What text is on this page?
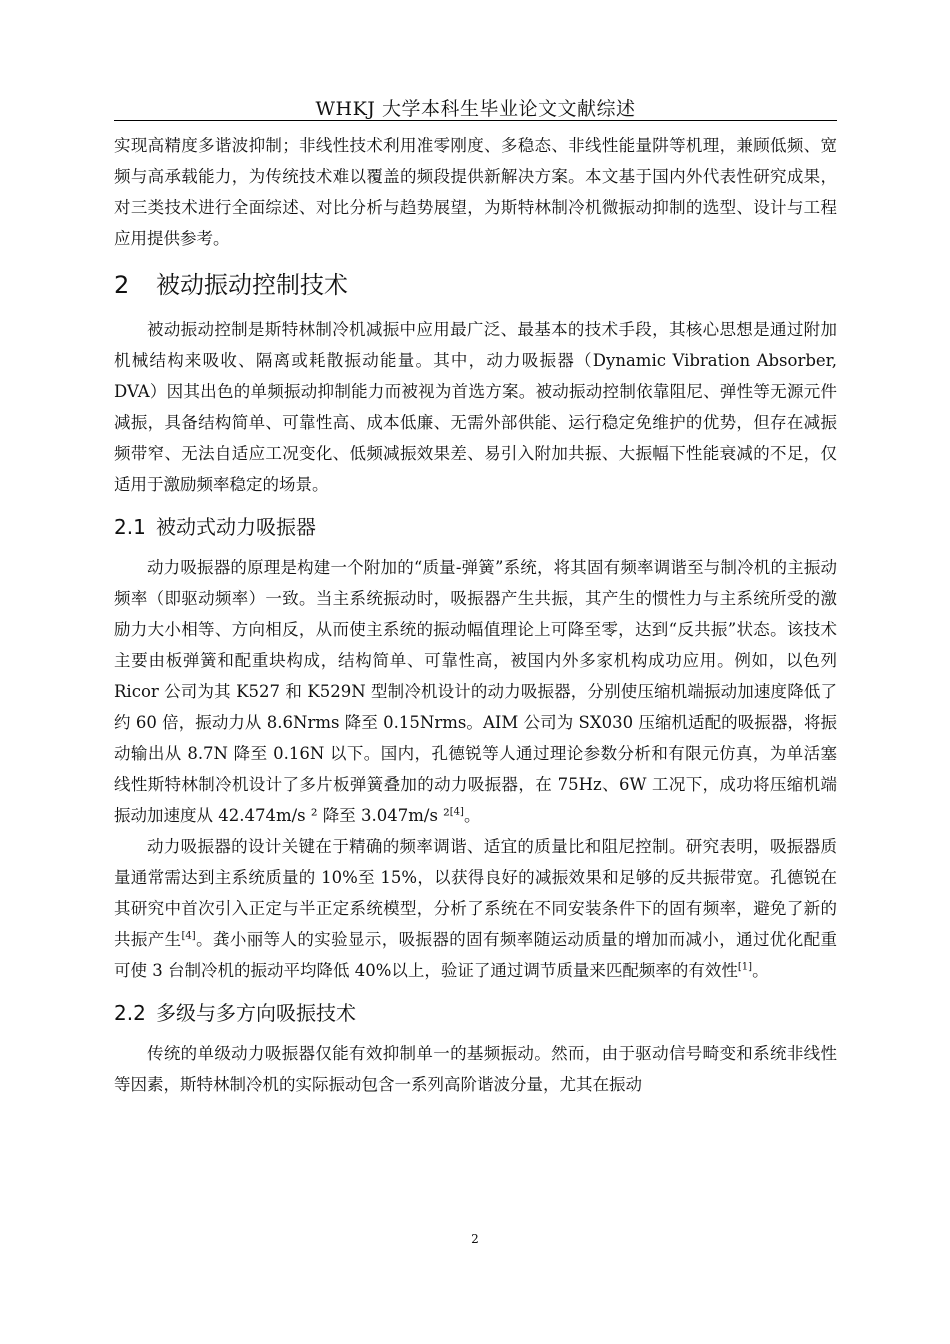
WHKJ 大学本科生毕业论文文献综述

实现高精度多谐波抑制；非线性技术利用准零刚度、多稳态、非线性能量阱等机理，兼顾低频、宽频与高承载能力，为传统技术难以覆盖的频段提供新解决方案。本文基于国内外代表性研究成果，对三类技术进行全面综述、对比分析与趋势展望，为斯特林制冷机微振动抑制的选型、设计与工程应用提供参考。

2 被动振动控制技术

被动振动控制是斯特林制冷机减振中应用最广泛、最基本的技术手段，其核心思想是通过附加机械结构来吸收、隔离或耗散振动能量。其中，动力吸振器（Dynamic Vibration Absorber, DVA）因其出色的单频振动抑制能力而被视为首选方案。被动振动控制依靠阻尼、弹性等无源元件减振，具备结构简单、可靠性高、成本低廉、无需外部供能、运行稳定免维护的优势，但存在减振频带窄、无法自适应工况变化、低频减振效果差、易引入附加共振、大振幅下性能衰减的不足，仅适用于激励频率稳定的场景。

2.1 被动式动力吸振器

动力吸振器的原理是构建一个附加的“质量-弹簧”系统，将其固有频率调谐至与制冷机的主振动频率（即驱动频率）一致。当主系统振动时，吸振器产生共振，其产生的惯性力与主系统所受的激励力大小相等、方向相反，从而使主系统的振动幅值理论上可降至零，达到“反共振”状态。该技术主要由板弹簧和配重块构成，结构简单、可靠性高，被国内外多家机构成功应用。例如，以色列 Ricor 公司为其 K527 和 K529N 型制冷机设计的动力吸振器，分别使压缩机端振动加速度降低了约 60 倍，振动力从 8.6Nrms 降至 0.15Nrms。AIM 公司为 SX030 压缩机适配的吸振器，将振动输出从 8.7N 降至 0.16N 以下。国内，孔德锐等人通过理论参数分析和有限元仿真，为单活塞线性斯特林制冷机设计了多片板弹簧叠加的动力吸振器，在 75Hz、6W 工况下，成功将压缩机端振动加速度从 42.474m/s ² 降至 3.047m/s ²[4]。

动力吸振器的设计关键在于精确的频率调谐、适宜的质量比和阻尼控制。研究表明，吸振器质量通常需达到主系统质量的 10%至 15%，以获得良好的减振效果和足够的反共振带宽。孔德锐在其研究中首次引入正定与半正定系统模型，分析了系统在不同安装条件下的固有频率，避免了新的共振产生[4]。龚小丽等人的实验显示，吸振器的固有频率随运动质量的增加而减小，通过优化配重可使 3 台制冷机的振动平均降低 40%以上，验证了通过调节质量来匹配频率的有效性[1]。

2.2 多级与多方向吸振技术

传统的单级动力吸振器仅能有效抑制单一的基频振动。然而，由于驱动信号畸变和系统非线性等因素，斯特林制冷机的实际振动包含一系列高阶谐波分量，尤其在振动

2
